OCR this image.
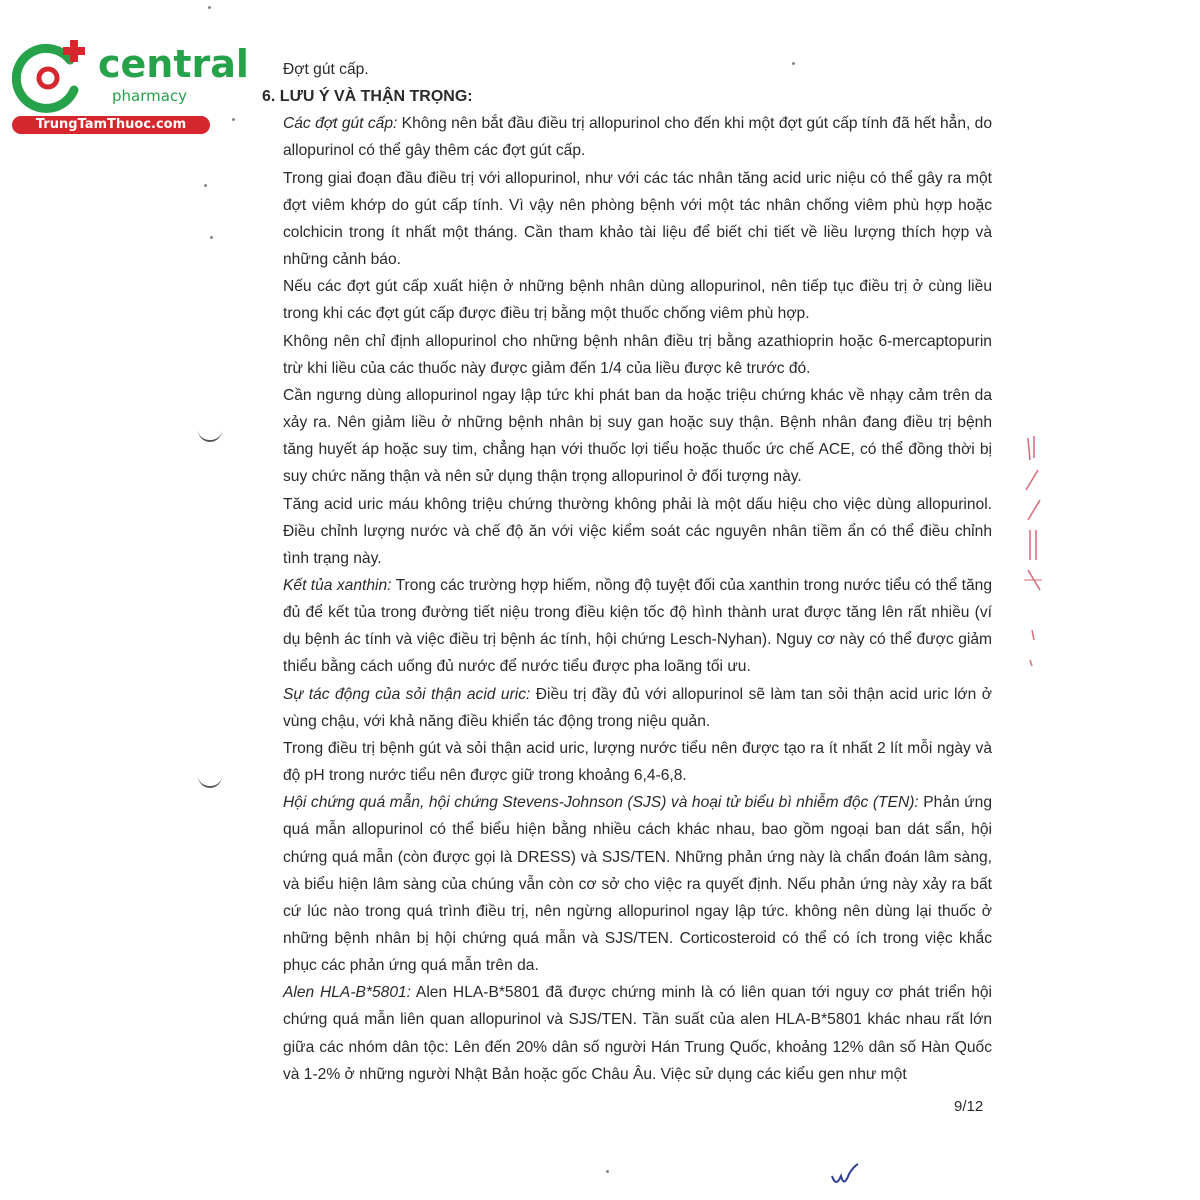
central
pharmacy
TrungTamThuoc.com

Đợt gút cấp.

6. LƯU Ý VÀ THẬN TRỌNG:

Các đợt gút cấp: Không nên bắt đầu điều trị allopurinol cho đến khi một đợt gút cấp tính đã hết hẳn, do allopurinol có thể gây thêm các đợt gút cấp.

Trong giai đoạn đầu điều trị với allopurinol, như với các tác nhân tăng acid uric niệu có thể gây ra một đợt viêm khớp do gút cấp tính. Vì vậy nên phòng bệnh với một tác nhân chống viêm phù hợp hoặc colchicin trong ít nhất một tháng. Cần tham khảo tài liệu để biết chi tiết về liều lượng thích hợp và những cảnh báo.

Nếu các đợt gút cấp xuất hiện ở những bệnh nhân dùng allopurinol, nên tiếp tục điều trị ở cùng liều trong khi các đợt gút cấp được điều trị bằng một thuốc chống viêm phù hợp.

Không nên chỉ định allopurinol cho những bệnh nhân điều trị bằng azathioprin hoặc 6-mercaptopurin trừ khi liều của các thuốc này được giảm đến 1/4 của liều được kê trước đó.

Cần ngưng dùng allopurinol ngay lập tức khi phát ban da hoặc triệu chứng khác về nhạy cảm trên da xảy ra. Nên giảm liều ở những bệnh nhân bị suy gan hoặc suy thận. Bệnh nhân đang điều trị bệnh tăng huyết áp hoặc suy tim, chẳng hạn với thuốc lợi tiểu hoặc thuốc ức chế ACE, có thể đồng thời bị suy chức năng thận và nên sử dụng thận trọng allopurinol ở đối tượng này.

Tăng acid uric máu không triệu chứng thường không phải là một dấu hiệu cho việc dùng allopurinol. Điều chỉnh lượng nước và chế độ ăn với việc kiểm soát các nguyên nhân tiềm ẩn có thể điều chỉnh tình trạng này.

Kết tủa xanthin: Trong các trường hợp hiếm, nồng độ tuyệt đối của xanthin trong nước tiểu có thể tăng đủ để kết tủa trong đường tiết niệu trong điều kiện tốc độ hình thành urat được tăng lên rất nhiều (ví dụ bệnh ác tính và việc điều trị bệnh ác tính, hội chứng Lesch-Nyhan). Nguy cơ này có thể được giảm thiểu bằng cách uống đủ nước để nước tiểu được pha loãng tối ưu.

Sự tác động của sỏi thận acid uric: Điều trị đầy đủ với allopurinol sẽ làm tan sỏi thận acid uric lớn ở vùng chậu, với khả năng điều khiển tác động trong niệu quản.

Trong điều trị bệnh gút và sỏi thận acid uric, lượng nước tiểu nên được tạo ra ít nhất 2 lít mỗi ngày và độ pH trong nước tiểu nên được giữ trong khoảng 6,4-6,8.

Hội chứng quá mẫn, hội chứng Stevens-Johnson (SJS) và hoại tử biểu bì nhiễm độc (TEN): Phản ứng quá mẫn allopurinol có thể biểu hiện bằng nhiều cách khác nhau, bao gồm ngoại ban dát sẩn, hội chứng quá mẫn (còn được gọi là DRESS) và SJS/TEN. Những phản ứng này là chẩn đoán lâm sàng, và biểu hiện lâm sàng của chúng vẫn còn cơ sở cho việc ra quyết định. Nếu phản ứng này xảy ra bất cứ lúc nào trong quá trình điều trị, nên ngừng allopurinol ngay lập tức. không nên dùng lại thuốc ở những bệnh nhân bị hội chứng quá mẫn và SJS/TEN. Corticosteroid có thể có ích trong việc khắc phục các phản ứng quá mẫn trên da.

Alen HLA-B*5801: Alen HLA-B*5801 đã được chứng minh là có liên quan tới nguy cơ phát triển hội chứng quá mẫn liên quan allopurinol và SJS/TEN. Tần suất của alen HLA-B*5801 khác nhau rất lớn giữa các nhóm dân tộc: Lên đến 20% dân số người Hán Trung Quốc, khoảng 12% dân số Hàn Quốc và 1-2% ở những người Nhật Bản hoặc gốc Châu Âu. Việc sử dụng các kiểu gen như một

9/12
